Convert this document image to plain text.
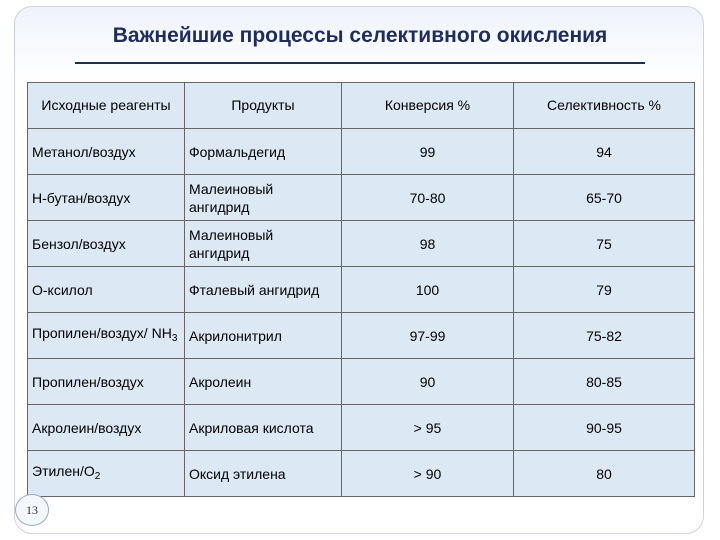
Важнейшие процессы селективного окисления
Исходные реагенты	Продукты	Конверсия %	Селективность %
Метанол/воздух	Формальдегид	99	94
Н-бутан/воздух	Малеиновый ангидрид	70-80	65-70
Бензол/воздух	Малеиновый ангидрид	98	75
О-ксилол	Фталевый ангидрид	100	79
Пропилен/воздух/ $NH_3$	Акрилонитрил	97-99	75-82
Пропилен/воздух	Акролеин	90	80-85
Акролеин/воздух	Акриловая кислота	> 95	90-95
Этилен/$O_2$	Оксид этилена	> 90	80
13
